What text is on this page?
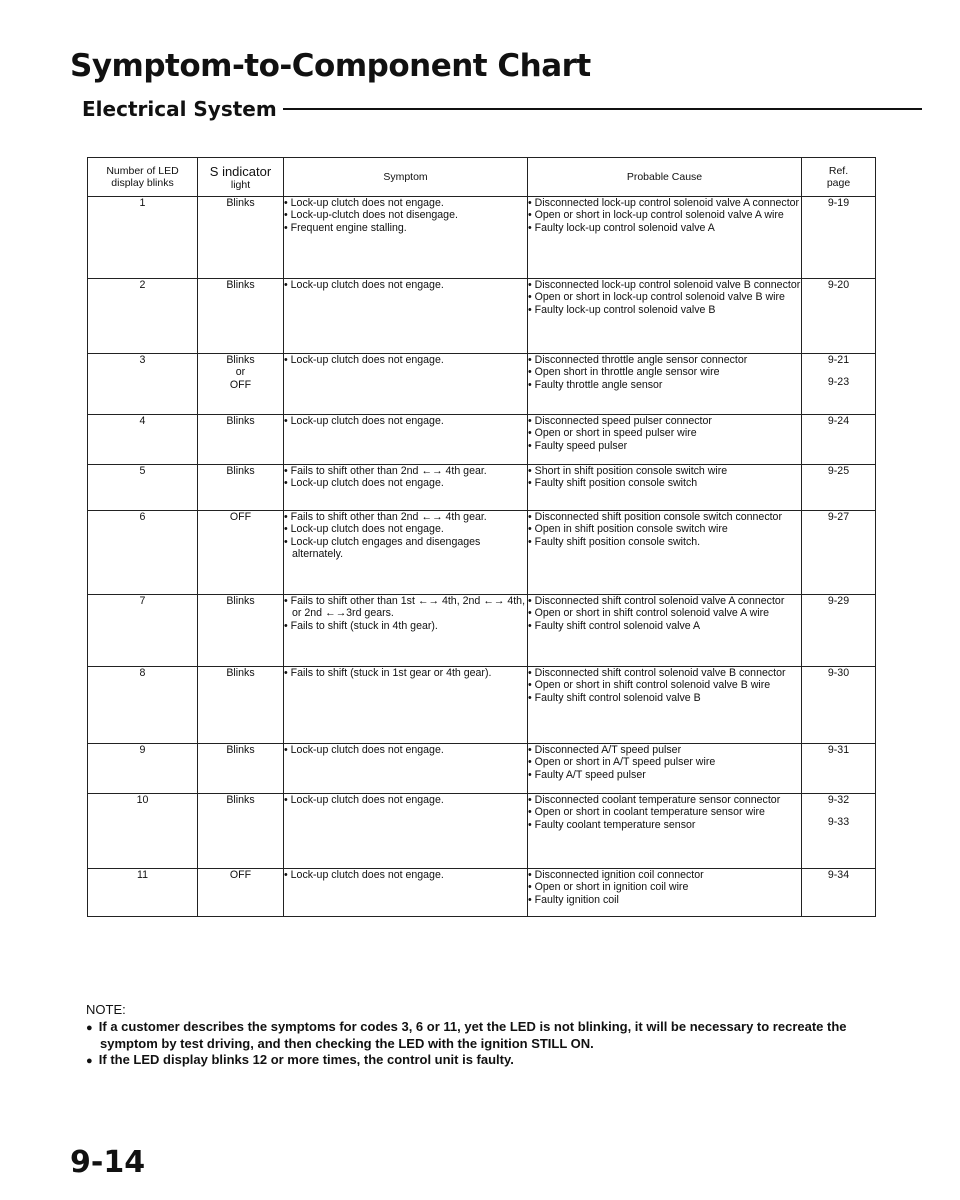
Symptom-to-Component Chart
Electrical System
Number of LED
display blinks	S indicator
light	Symptom	Probable Cause	Ref.
page
1	Blinks	• Lock-up clutch does not engage.
• Lock-up-clutch does not disengage.
• Frequent engine stalling.	• Disconnected lock-up control solenoid valve A connector
• Open or short in lock-up control solenoid valve A wire
• Faulty lock-up control solenoid valve A	9-19

2	Blinks	• Lock-up clutch does not engage.	• Disconnected lock-up control solenoid valve B connector
• Open or short in lock-up control solenoid valve B wire
• Faulty lock-up control solenoid valve B	9-20

3	Blinks
or
OFF	• Lock-up clutch does not engage.	• Disconnected throttle angle sensor connector
• Open short in throttle angle sensor wire
• Faulty throttle angle sensor	9-21
9-23

4	Blinks	• Lock-up clutch does not engage.	• Disconnected speed pulser connector
• Open or short in speed pulser wire
• Faulty speed pulser	9-24

5	Blinks	• Fails to shift other than 2nd ←→ 4th gear.
• Lock-up clutch does not engage.	• Short in shift position console switch wire
• Faulty shift position console switch	9-25

6	OFF	• Fails to shift other than 2nd ←→ 4th gear.
• Lock-up clutch does not engage.
• Lock-up clutch engages and disengages alternately.	• Disconnected shift position console switch connector
• Open in shift position console switch wire
• Faulty shift position console switch.	9-27

7	Blinks	• Fails to shift other than 1st ←→ 4th, 2nd ←→ 4th, or 2nd ←→3rd gears.
• Fails to shift (stuck in 4th gear).	• Disconnected shift control solenoid valve A connector
• Open or short in shift control solenoid valve A wire
• Faulty shift control solenoid valve A	9-29

8	Blinks	• Fails to shift (stuck in 1st gear or 4th gear).	• Disconnected shift control solenoid valve B connector
• Open or short in shift control solenoid valve B wire
• Faulty shift control solenoid valve B	9-30

9	Blinks	• Lock-up clutch does not engage.	• Disconnected A/T speed pulser
• Open or short in A/T speed pulser wire
• Faulty A/T speed pulser	9-31

10	Blinks	• Lock-up clutch does not engage.	• Disconnected coolant temperature sensor connector
• Open or short in coolant temperature sensor wire
• Faulty coolant temperature sensor	9-32
9-33

11	OFF	• Lock-up clutch does not engage.	• Disconnected ignition coil connector
• Open or short in ignition coil wire
• Faulty ignition coil	9-34
NOTE:
●  If a customer describes the symptoms for codes 3, 6 or 11, yet the LED is not blinking, it will be necessary to recreate the symptom by test driving, and then checking the LED with the ignition STILL ON.
●  If the LED display blinks 12 or more times, the control unit is faulty.
9-14
